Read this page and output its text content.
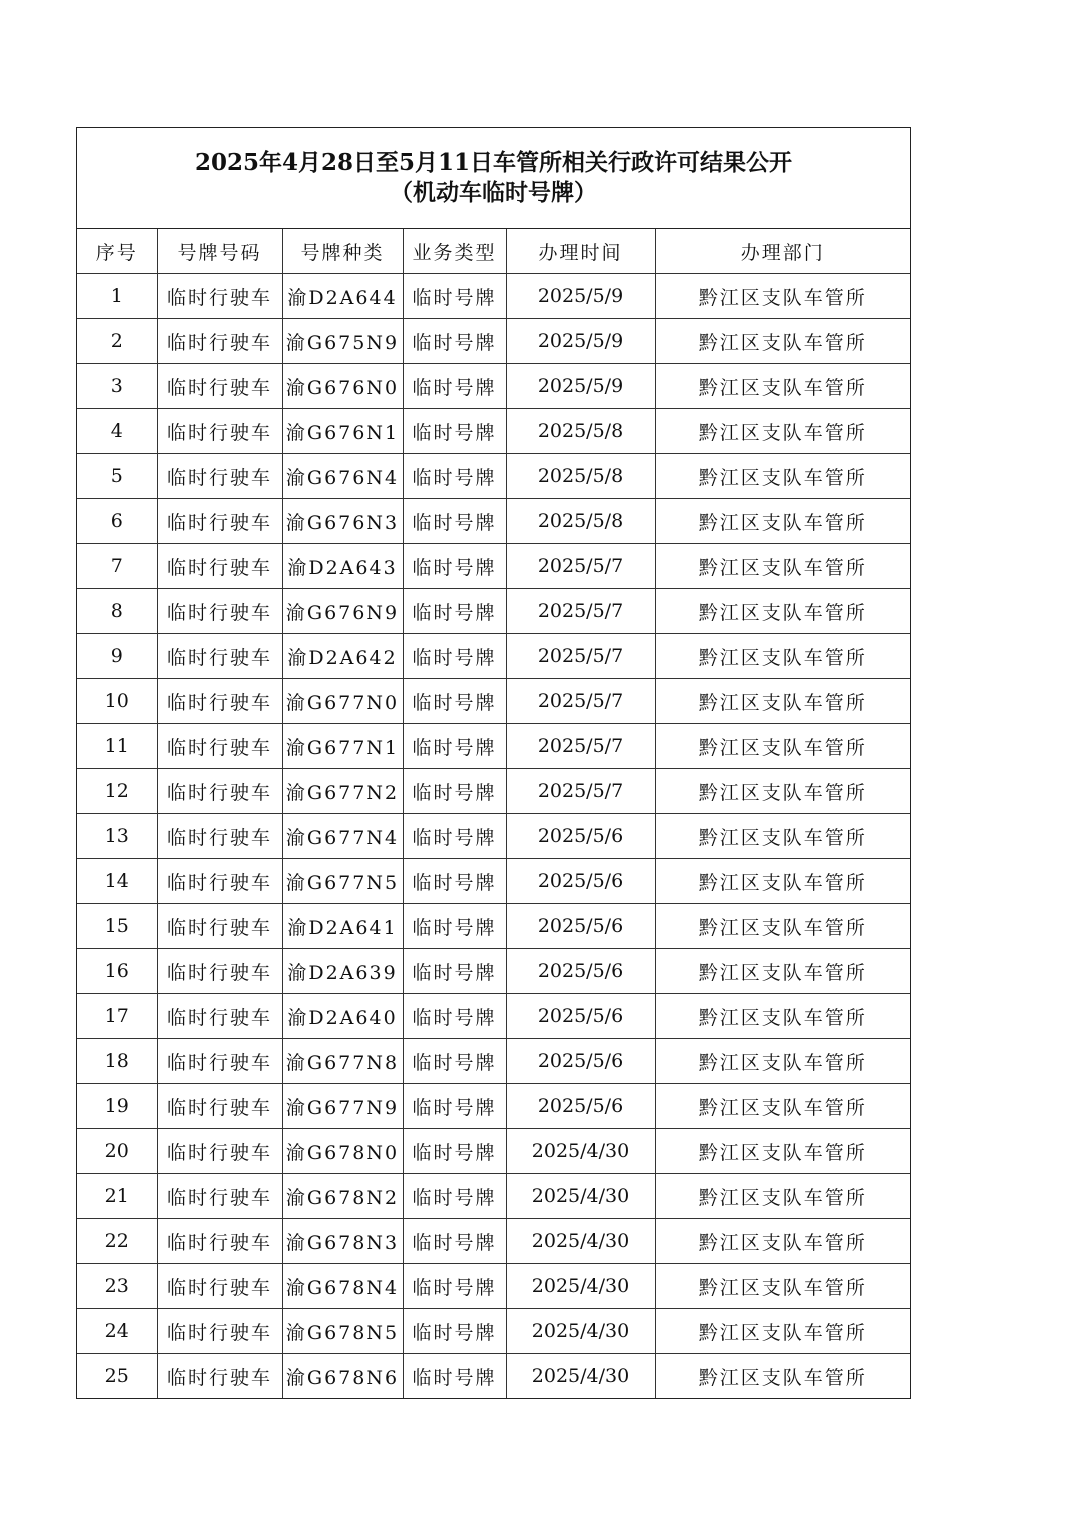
2025年4月28日至5月11日车管所相关行政许可结果公开
（机动车临时号牌）
序号	号牌号码	号牌种类	业务类型	办理时间	办理部门
1	临时行驶车	渝D2A644	临时号牌	2025/5/9	黔江区支队车管所
2	临时行驶车	渝G675N9	临时号牌	2025/5/9	黔江区支队车管所
3	临时行驶车	渝G676N0	临时号牌	2025/5/9	黔江区支队车管所
4	临时行驶车	渝G676N1	临时号牌	2025/5/8	黔江区支队车管所
5	临时行驶车	渝G676N4	临时号牌	2025/5/8	黔江区支队车管所
6	临时行驶车	渝G676N3	临时号牌	2025/5/8	黔江区支队车管所
7	临时行驶车	渝D2A643	临时号牌	2025/5/7	黔江区支队车管所
8	临时行驶车	渝G676N9	临时号牌	2025/5/7	黔江区支队车管所
9	临时行驶车	渝D2A642	临时号牌	2025/5/7	黔江区支队车管所
10	临时行驶车	渝G677N0	临时号牌	2025/5/7	黔江区支队车管所
11	临时行驶车	渝G677N1	临时号牌	2025/5/7	黔江区支队车管所
12	临时行驶车	渝G677N2	临时号牌	2025/5/7	黔江区支队车管所
13	临时行驶车	渝G677N4	临时号牌	2025/5/6	黔江区支队车管所
14	临时行驶车	渝G677N5	临时号牌	2025/5/6	黔江区支队车管所
15	临时行驶车	渝D2A641	临时号牌	2025/5/6	黔江区支队车管所
16	临时行驶车	渝D2A639	临时号牌	2025/5/6	黔江区支队车管所
17	临时行驶车	渝D2A640	临时号牌	2025/5/6	黔江区支队车管所
18	临时行驶车	渝G677N8	临时号牌	2025/5/6	黔江区支队车管所
19	临时行驶车	渝G677N9	临时号牌	2025/5/6	黔江区支队车管所
20	临时行驶车	渝G678N0	临时号牌	2025/4/30	黔江区支队车管所
21	临时行驶车	渝G678N2	临时号牌	2025/4/30	黔江区支队车管所
22	临时行驶车	渝G678N3	临时号牌	2025/4/30	黔江区支队车管所
23	临时行驶车	渝G678N4	临时号牌	2025/4/30	黔江区支队车管所
24	临时行驶车	渝G678N5	临时号牌	2025/4/30	黔江区支队车管所
25	临时行驶车	渝G678N6	临时号牌	2025/4/30	黔江区支队车管所
